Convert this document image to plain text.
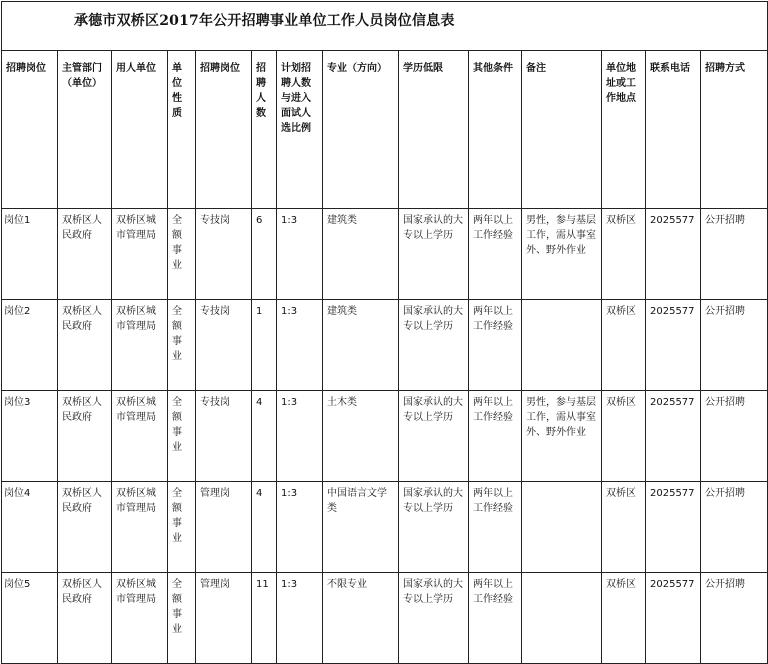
承德市双桥区2017年公开招聘事业单位工作人员岗位信息表													

招聘岗位	主管部门（单位）	用人单位	单位性质	招聘岗位	招聘人数	计划招聘人数与进入面试人选比例	专业（方向）	学历低限	其他条件	备注	单位地址或工作地点	联系电话	招聘方式
岗位1	双桥区人民政府	双桥区城市管理局	全额事业	专技岗	6	1:3	建筑类	国家承认的大专以上学历	两年以上工作经验	男性，参与基层工作，需从事室外、野外作业	双桥区	2025577	公开招聘
岗位2	双桥区人民政府	双桥区城市管理局	全额事业	专技岗	1	1:3	建筑类	国家承认的大专以上学历	两年以上工作经验		双桥区	2025577	公开招聘
岗位3	双桥区人民政府	双桥区城市管理局	全额事业	专技岗	4	1:3	土木类	国家承认的大专以上学历	两年以上工作经验	男性，参与基层工作，需从事室外、野外作业	双桥区	2025577	公开招聘
岗位4	双桥区人民政府	双桥区城市管理局	全额事业	管理岗	4	1:3	中国语言文学类	国家承认的大专以上学历	两年以上工作经验		双桥区	2025577	公开招聘
岗位5	双桥区人民政府	双桥区城市管理局	全额事业	管理岗	11	1:3	不限专业	国家承认的大专以上学历	两年以上工作经验		双桥区	2025577	公开招聘
